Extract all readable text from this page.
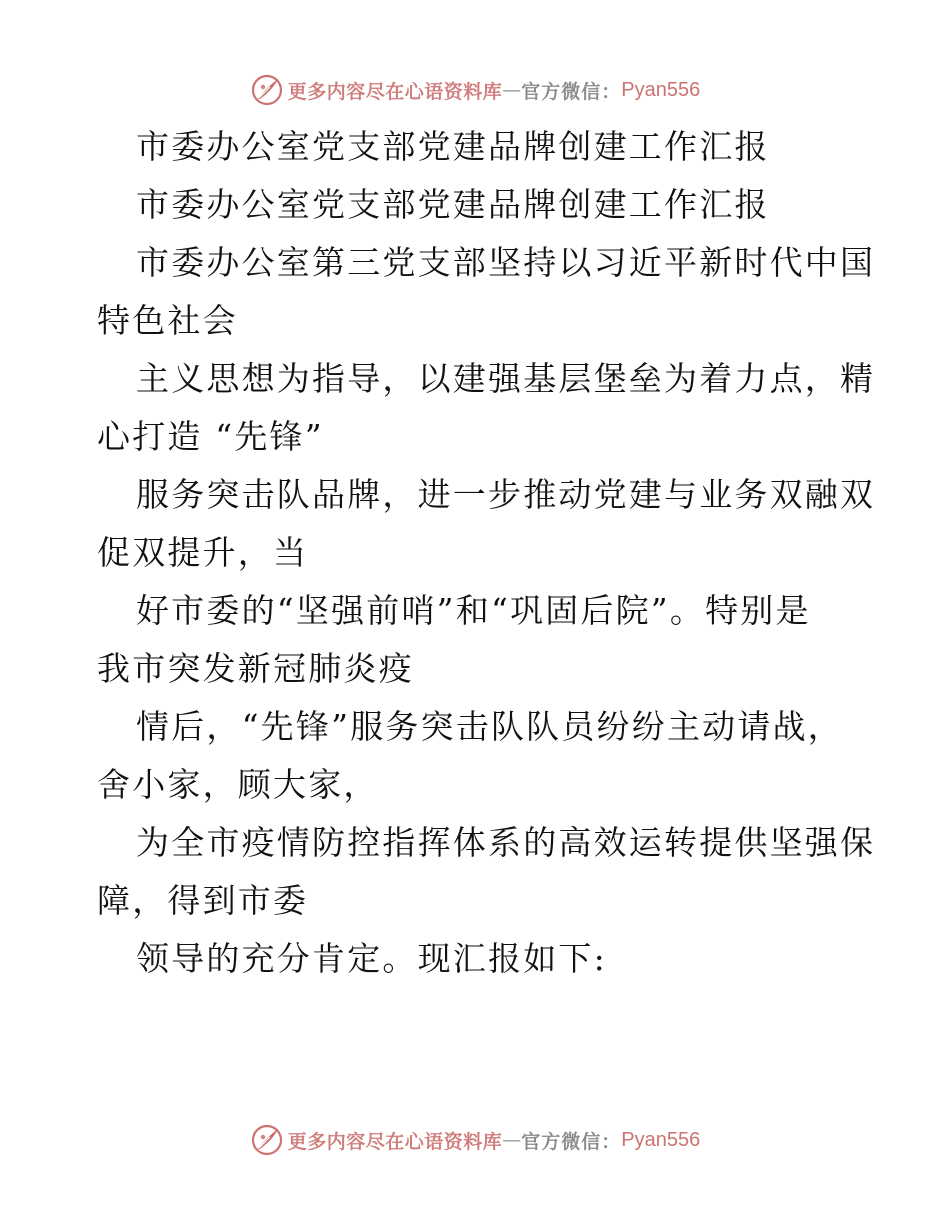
更多内容尽在心语资料库 — 官方微信： Pyan556
市委办公室党支部党建品牌创建工作汇报
市委办公室党支部党建品牌创建工作汇报
市委办公室第三党支部坚持以习近平新时代中国
特色社会
主义思想为指导，以建强基层堡垒为着力点，精
心打造 “先锋”
服务突击队品牌，进一步推动党建与业务双融双
促双提升，当
好市委的“坚强前哨”和“巩固后院”。特别是
我市突发新冠肺炎疫
情后，“先锋”服务突击队队员纷纷主动请战，
舍小家，顾大家，
为全市疫情防控指挥体系的高效运转提供坚强保
障，得到市委
领导的充分肯定。现汇报如下:
更多内容尽在心语资料库 — 官方微信： Pyan556
